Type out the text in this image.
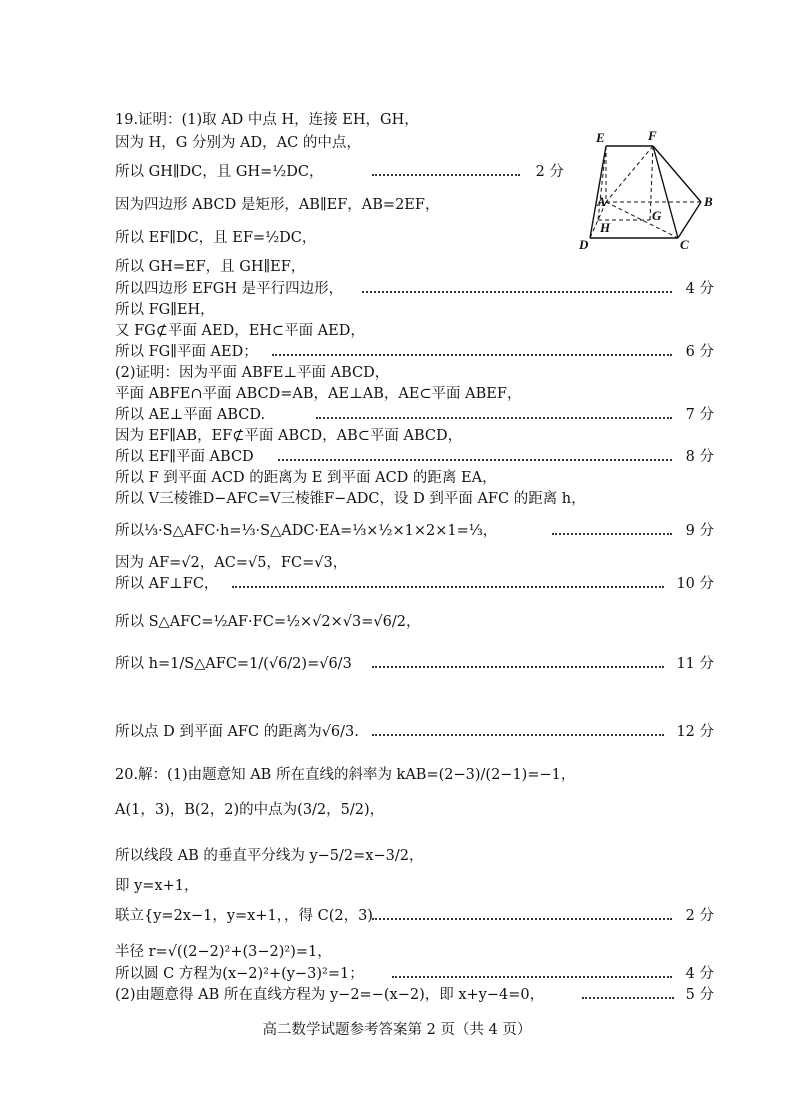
19.证明：(1)取 AD 中点 H，连接 EH，GH，
因为 H，G 分别为 AD，AC 的中点，
所以 GH∥DC，且 GH=½DC，	2 分
因为四边形 ABCD 是矩形，AB∥EF，AB=2EF，
所以 EF∥DC，且 EF=½DC，
所以 GH=EF，且 GH∥EF，
所以四边形 EFGH 是平行四边形，	4 分
所以 FG∥EH，
又 FG⊄平面 AED，EH⊂平面 AED，
所以 FG∥平面 AED；	6 分
(2)证明：因为平面 ABFE⊥平面 ABCD，
平面 ABFE∩平面 ABCD=AB，AE⊥AB，AE⊂平面 ABEF，
所以 AE⊥平面 ABCD.	7 分
因为 EF∥AB，EF⊄平面 ABCD，AB⊂平面 ABCD，
所以 EF∥平面 ABCD	8 分
所以 F 到平面 ACD 的距离为 E 到平面 ACD 的距离 EA，
所以 V三棱锥D−AFC=V三棱锥F−ADC，设 D 到平面 AFC 的距离 h，
所以⅓·S△AFC·h=⅓·S△ADC·EA=⅓×½×1×2×1=⅓，	9 分
因为 AF=√2，AC=√5，FC=√3，
所以 AF⊥FC，	10 分
所以 S△AFC=½AF·FC=½×√2×√3=√6/2，
所以 h=1/S△AFC=1/(√6/2)=√6/3	11 分
所以点 D 到平面 AFC 的距离为√6/3.	12 分
20.解：(1)由题意知 AB 所在直线的斜率为 kAB=(2−3)/(2−1)=−1，
A(1，3)，B(2，2)的中点为(3/2，5/2)，
所以线段 AB 的垂直平分线为 y−5/2=x−3/2，
即 y=x+1，
联立{y=2x−1，y=x+1，，得 C(2，3)	2 分
半径 r=√((2−2)²+(3−2)²)=1，
所以圆 C 方程为(x−2)²+(y−3)²=1；	4 分
(2)由题意得 AB 所在直线方程为 y−2=−(x−2)，即 x+y−4=0，	5 分
E	F
A	B
G
H
D	C
高二数学试题参考答案第 2 页（共 4 页）
